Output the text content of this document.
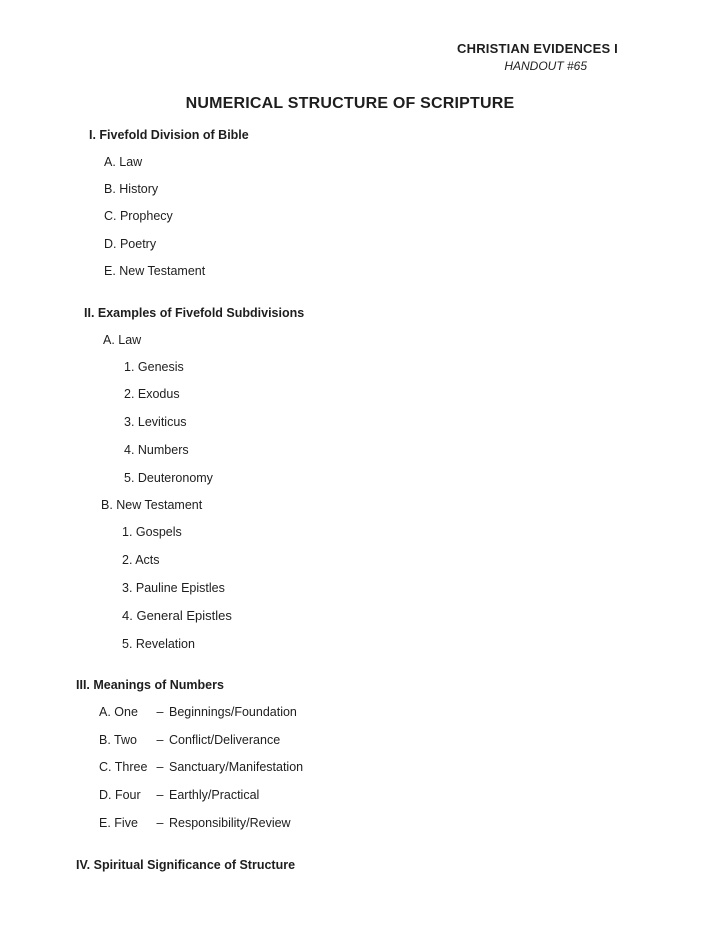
CHRISTIAN EVIDENCES I
HANDOUT #65
NUMERICAL STRUCTURE OF SCRIPTURE
I. Fivefold Division of Bible
A. Law
B. History
C. Prophecy
D. Poetry
E. New Testament
II. Examples of Fivefold Subdivisions
A. Law
1. Genesis
2. Exodus
3. Leviticus
4. Numbers
5. Deuteronomy
B. New Testament
1. Gospels
2. Acts
3. Pauline Epistles
4. General Epistles
5. Revelation
III. Meanings of Numbers
A. One – Beginnings/Foundation
B. Two – Conflict/Deliverance
C. Three – Sanctuary/Manifestation
D. Four – Earthly/Practical
E. Five – Responsibility/Review
IV. Spiritual Significance of Structure
